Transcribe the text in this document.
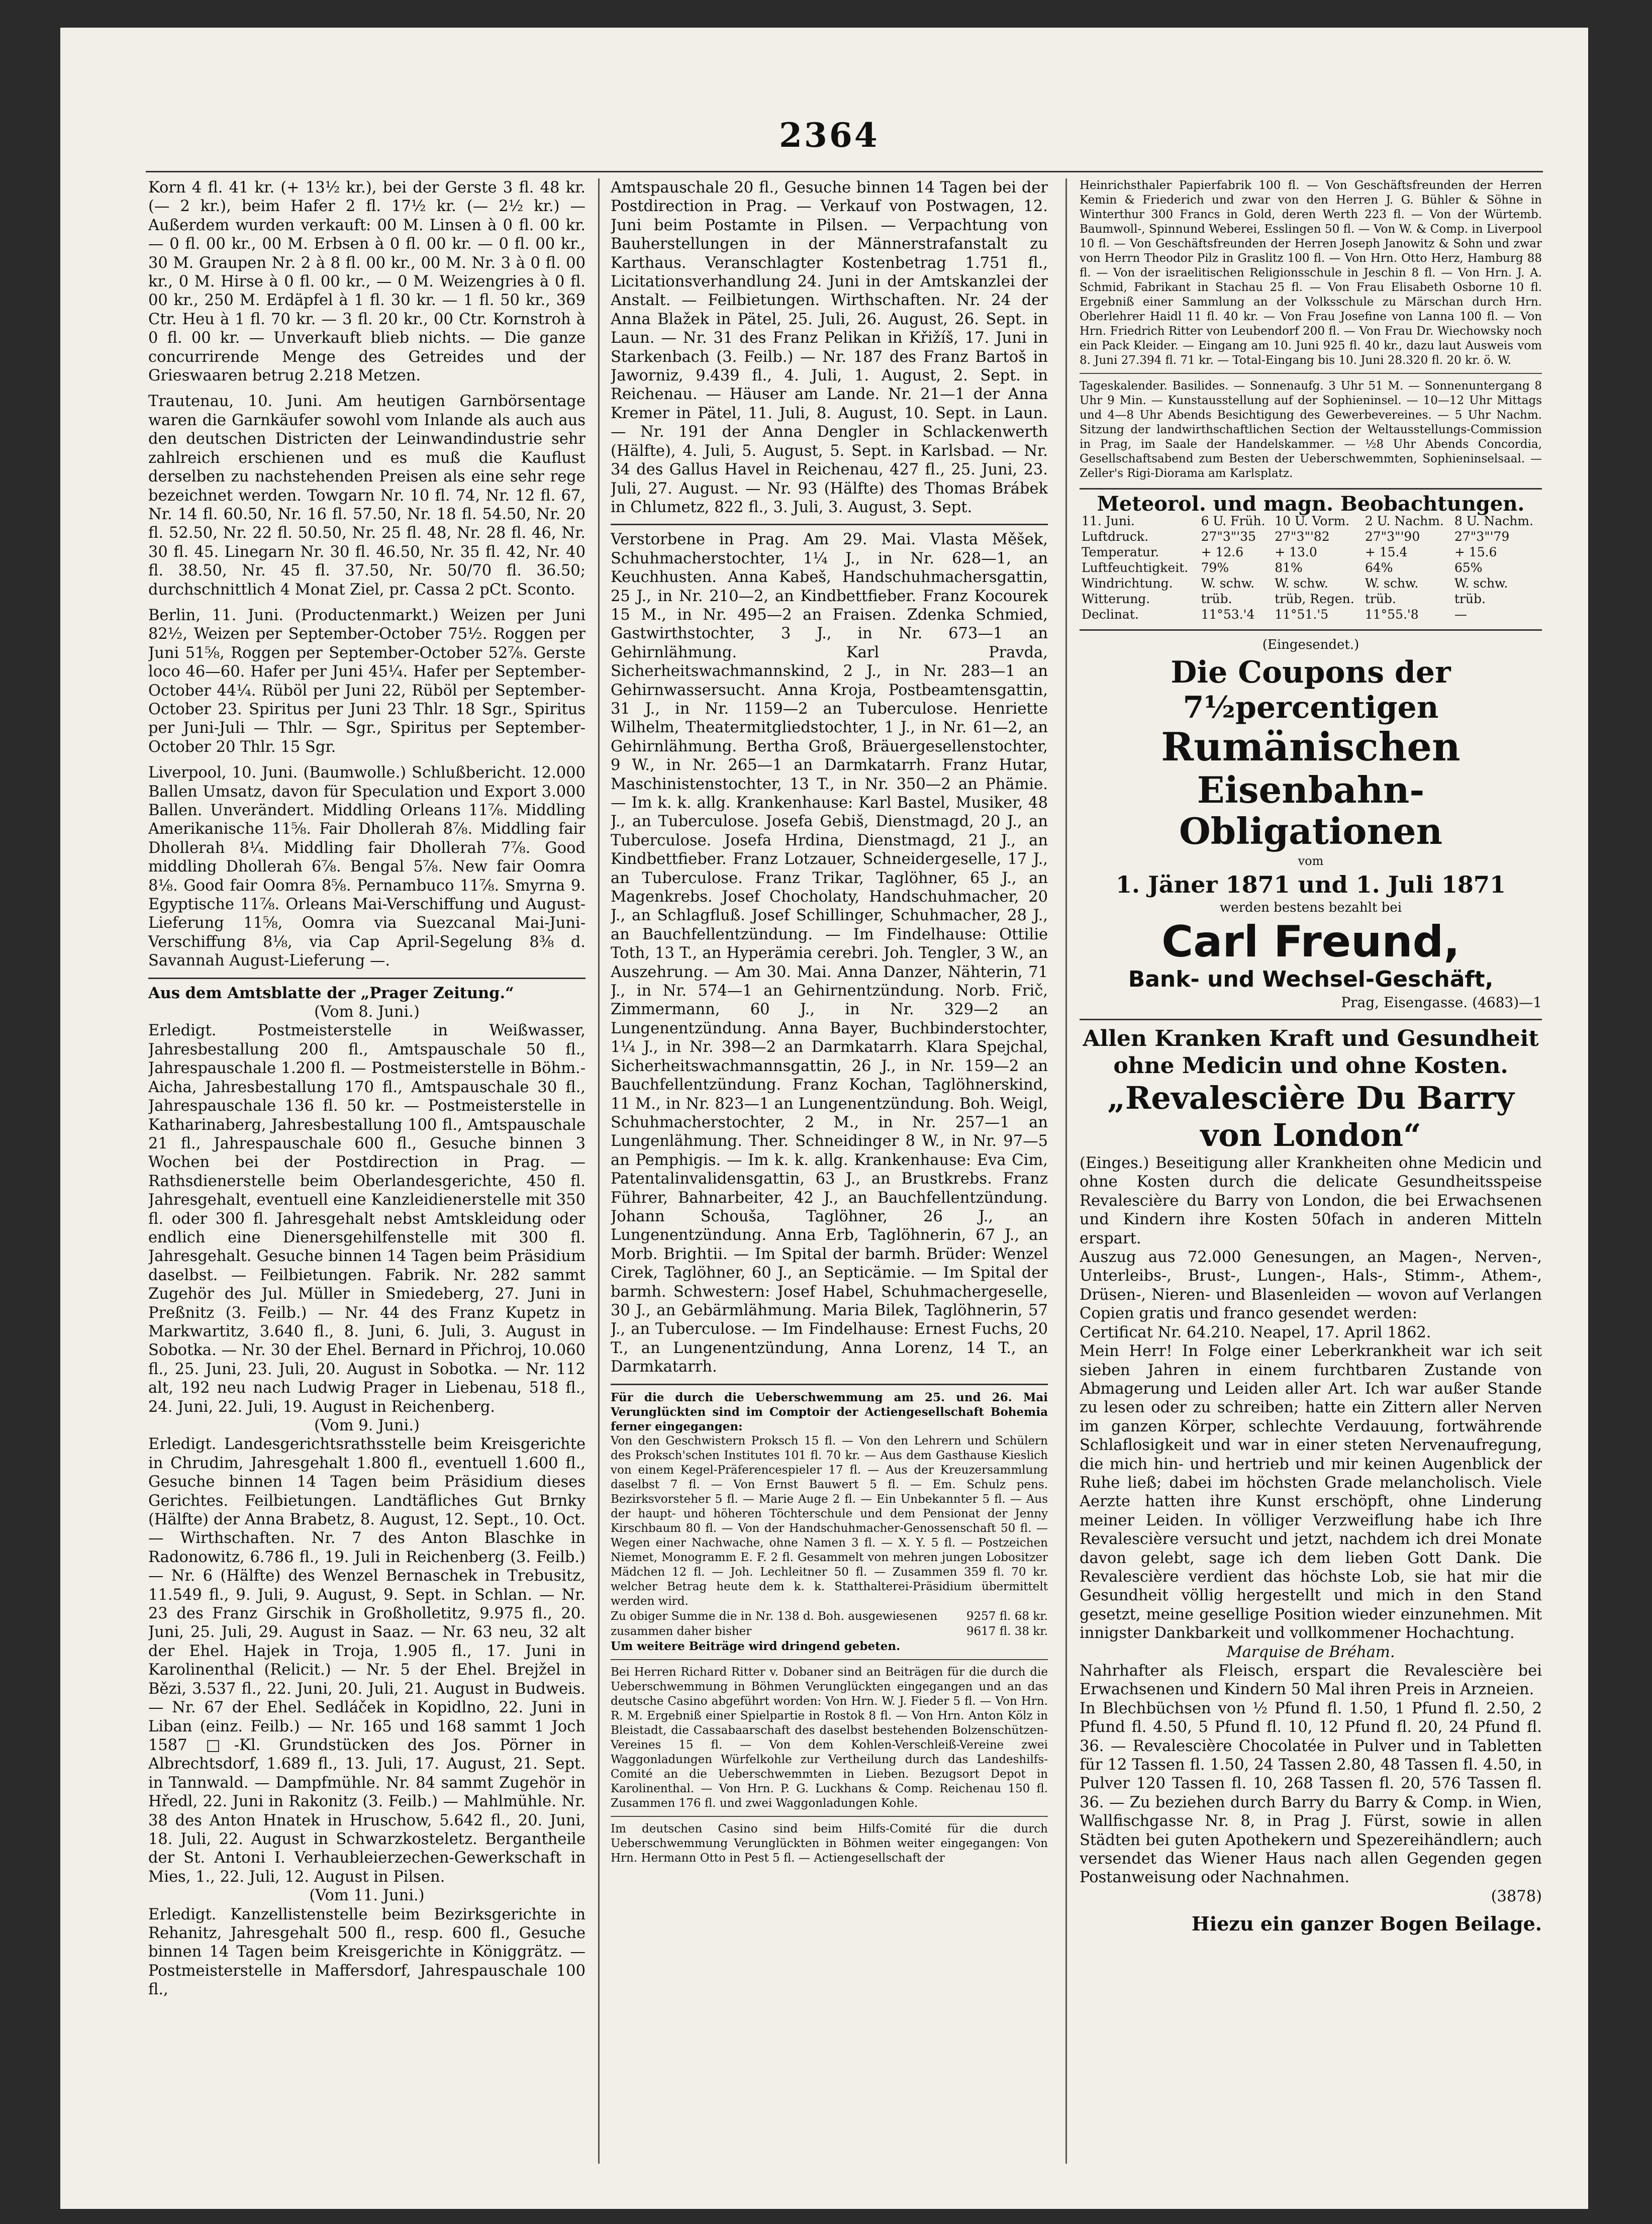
2364

Korn 4 fl. 41 kr. (+ 13½ kr.), bei der Gerste 3 fl. 48 kr. (— 2 kr.), beim Hafer 2 fl. 17½ kr. (— 2½ kr.) — Außerdem wurden verkauft: 00 M. Linsen à 0 fl. 00 kr. — 0 fl. 00 kr., 00 M. Erbsen à 0 fl. 00 kr. — 0 fl. 00 kr., 30 M. Graupen Nr. 2 à 8 fl. 00 kr., 00 M. Nr. 3 à 0 fl. 00 kr., 0 M. Hirse à 0 fl. 00 kr., — 0 M. Weizengries à 0 fl. 00 kr., 250 M. Erdäpfel à 1 fl. 30 kr. — 1 fl. 50 kr., 369 Ctr. Heu à 1 fl. 70 kr. — 3 fl. 20 kr., 00 Ctr. Kornstroh à 0 fl. 00 kr. — Unverkauft blieb nichts. — Die ganze concurrirende Menge des Getreides und der Grieswaaren betrug 2.218 Metzen.

Trautenau, 10. Juni. Am heutigen Garnbörsentage waren die Garnkäufer sowohl vom Inlande als auch aus den deutschen Districten der Leinwandindustrie sehr zahlreich erschienen und es muß die Kauflust derselben zu nachstehenden Preisen als eine sehr rege bezeichnet werden. Towgarn Nr. 10 fl. 74, Nr. 12 fl. 67, Nr. 14 fl. 60.50, Nr. 16 fl. 57.50, Nr. 18 fl. 54.50, Nr. 20 fl. 52.50, Nr. 22 fl. 50.50, Nr. 25 fl. 48, Nr. 28 fl. 46, Nr. 30 fl. 45. Linegarn Nr. 30 fl. 46.50, Nr. 35 fl. 42, Nr. 40 fl. 38.50, Nr. 45 fl. 37.50, Nr. 50/70 fl. 36.50; durchschnittlich 4 Monat Ziel, pr. Cassa 2 pCt. Sconto.

Berlin, 11. Juni. (Productenmarkt.) Weizen per Juni 82½, Weizen per September-October 75½. Roggen per Juni 51⅝, Roggen per September-October 52⅞. Gerste loco 46—60. Hafer per Juni 45¼. Hafer per September-October 44¼. Rüböl per Juni 22, Rüböl per September-October 23. Spiritus per Juni 23 Thlr. 18 Sgr., Spiritus per Juni-Juli — Thlr. — Sgr., Spiritus per September-October 20 Thlr. 15 Sgr.

Liverpool, 10. Juni. (Baumwolle.) Schlußbericht. 12.000 Ballen Umsatz, davon für Speculation und Export 3.000 Ballen. Unverändert. Middling Orleans 11⅞. Middling Amerikanische 11⅝. Fair Dhollerah 8⅞. Middling fair Dhollerah 8¼. Middling fair Dhollerah 7⅞. Good middling Dhollerah 6⅞. Bengal 5⅞. New fair Oomra 8⅛. Good fair Oomra 8⅝. Pernambuco 11⅞. Smyrna 9. Egyptische 11⅞. Orleans Mai-Verschiffung und August-Lieferung 11⅝, Oomra via Suezcanal Mai-Juni-Verschiffung 8⅛, via Cap April-Segelung 8⅜ d. Savannah August-Lieferung —.

Aus dem Amtsblatte der „Prager Zeitung.“

(Vom 8. Juni.)

Erledigt. Postmeisterstelle in Weißwasser, Jahresbestallung 200 fl., Amtspauschale 50 fl., Jahrespauschale 1.200 fl. — Postmeisterstelle in Böhm.-Aicha, Jahresbestallung 170 fl., Amtspauschale 30 fl., Jahrespauschale 136 fl. 50 kr. — Postmeisterstelle in Katharinaberg, Jahresbestallung 100 fl., Amtspauschale 21 fl., Jahrespauschale 600 fl., Gesuche binnen 3 Wochen bei der Postdirection in Prag. — Rathsdienerstelle beim Oberlandesgerichte, 450 fl. Jahresgehalt, eventuell eine Kanzleidienerstelle mit 350 fl. oder 300 fl. Jahresgehalt nebst Amtskleidung oder endlich eine Dienersgehilfenstelle mit 300 fl. Jahresgehalt. Gesuche binnen 14 Tagen beim Präsidium daselbst. — Feilbietungen. Fabrik. Nr. 282 sammt Zugehör des Jul. Müller in Smiedeberg, 27. Juni in Preßnitz (3. Feilb.) — Nr. 44 des Franz Kupetz in Markwartitz, 3.640 fl., 8. Juni, 6. Juli, 3. August in Sobotka. — Nr. 30 der Ehel. Bernard in Přichroj, 10.060 fl., 25. Juni, 23. Juli, 20. August in Sobotka. — Nr. 112 alt, 192 neu nach Ludwig Prager in Liebenau, 518 fl., 24. Juni, 22. Juli, 19. August in Reichenberg.

(Vom 9. Juni.)

Erledigt. Landesgerichtsrathsstelle beim Kreisgerichte in Chrudim, Jahresgehalt 1.800 fl., eventuell 1.600 fl., Gesuche binnen 14 Tagen beim Präsidium dieses Gerichtes. Feilbietungen. Landtäfliches Gut Brnky (Hälfte) der Anna Brabetz, 8. August, 12. Sept., 10. Oct. — Wirthschaften. Nr. 7 des Anton Blaschke in Radonowitz, 6.786 fl., 19. Juli in Reichenberg (3. Feilb.) — Nr. 6 (Hälfte) des Wenzel Bernaschek in Trebusitz, 11.549 fl., 9. Juli, 9. August, 9. Sept. in Schlan. — Nr. 23 des Franz Girschik in Großholletitz, 9.975 fl., 20. Juni, 25. Juli, 29. August in Saaz. — Nr. 63 neu, 32 alt der Ehel. Hajek in Troja, 1.905 fl., 17. Juni in Karolinenthal (Relicit.) — Nr. 5 der Ehel. Brejžel in Bězi, 3.537 fl., 22. Juni, 20. Juli, 21. August in Budweis. — Nr. 67 der Ehel. Sedláček in Kopidlno, 22. Juni in Liban (einz. Feilb.) — Nr. 165 und 168 sammt 1 Joch 1587 □-Kl. Grundstücken des Jos. Pörner in Albrechtsdorf, 1.689 fl., 13. Juli, 17. August, 21. Sept. in Tannwald. — Dampfmühle. Nr. 84 sammt Zugehör in Hředl, 22. Juni in Rakonitz (3. Feilb.) — Mahlmühle. Nr. 38 des Anton Hnatek in Hruschow, 5.642 fl., 20. Juni, 18. Juli, 22. August in Schwarzkosteletz. Bergantheile der St. Antoni I. Verhaubleierzechen-Gewerkschaft in Mies, 1., 22. Juli, 12. August in Pilsen.

(Vom 11. Juni.)

Erledigt. Kanzellistenstelle beim Bezirksgerichte in Rehanitz, Jahresgehalt 500 fl., resp. 600 fl., Gesuche binnen 14 Tagen beim Kreisgerichte in Königgrätz. — Postmeisterstelle in Maffersdorf, Jahrespauschale 100 fl.,

Amtspauschale 20 fl., Gesuche binnen 14 Tagen bei der Postdirection in Prag. — Verkauf von Postwagen, 12. Juni beim Postamte in Pilsen. — Verpachtung von Bauherstellungen in der Männerstrafanstalt zu Karthaus. Veranschlagter Kostenbetrag 1.751 fl., Licitationsverhandlung 24. Juni in der Amtskanzlei der Anstalt. — Feilbietungen. Wirthschaften. Nr. 24 der Anna Blažek in Pätel, 25. Juli, 26. August, 26. Sept. in Laun. — Nr. 31 des Franz Pelikan in Křižíš, 17. Juni in Starkenbach (3. Feilb.) — Nr. 187 des Franz Bartoš in Jaworniz, 9.439 fl., 4. Juli, 1. August, 2. Sept. in Reichenau. — Häuser am Lande. Nr. 21—1 der Anna Kremer in Pätel, 11. Juli, 8. August, 10. Sept. in Laun. — Nr. 191 der Anna Dengler in Schlackenwerth (Hälfte), 4. Juli, 5. August, 5. Sept. in Karlsbad. — Nr. 34 des Gallus Havel in Reichenau, 427 fl., 25. Juni, 23. Juli, 27. August. — Nr. 93 (Hälfte) des Thomas Brábek in Chlumetz, 822 fl., 3. Juli, 3. August, 3. Sept.

Verstorbene in Prag. Am 29. Mai. Vlasta Měšek, Schuhmacherstochter, 1¼ J., in Nr. 628—1, an Keuchhusten. Anna Kabeš, Handschuhmachersgattin, 25 J., in Nr. 210—2, an Kindbettfieber. Franz Kocourek 15 M., in Nr. 495—2 an Fraisen. Zdenka Schmied, Gastwirthstochter, 3 J., in Nr. 673—1 an Gehirnlähmung. Karl Pravda, Sicherheitswachmannskind, 2 J., in Nr. 283—1 an Gehirnwassersucht. Anna Kroja, Postbeamtensgattin, 31 J., in Nr. 1159—2 an Tuberculose. Henriette Wilhelm, Theatermitgliedstochter, 1 J., in Nr. 61—2, an Gehirnlähmung. Bertha Groß, Bräuergesellenstochter, 9 W., in Nr. 265—1 an Darmkatarrh. Franz Hutar, Maschinistenstochter, 13 T., in Nr. 350—2 an Phämie. — Im k. k. allg. Krankenhause: Karl Bastel, Musiker, 48 J., an Tuberculose. Josefa Gebiš, Dienstmagd, 20 J., an Tuberculose. Josefa Hrdina, Dienstmagd, 21 J., an Kindbettfieber. Franz Lotzauer, Schneidergeselle, 17 J., an Tuberculose. Franz Trikar, Taglöhner, 65 J., an Magenkrebs. Josef Chocholaty, Handschuhmacher, 20 J., an Schlagfluß. Josef Schillinger, Schuhmacher, 28 J., an Bauchfellentzündung. — Im Findelhause: Ottilie Toth, 13 T., an Hyperämia cerebri. Joh. Tengler, 3 W., an Auszehrung. — Am 30. Mai. Anna Danzer, Nähterin, 71 J., in Nr. 574—1 an Gehirnentzündung. Norb. Frič, Zimmermann, 60 J., in Nr. 329—2 an Lungenentzündung. Anna Bayer, Buchbinderstochter, 1¼ J., in Nr. 398—2 an Darmkatarrh. Klara Spejchal, Sicherheitswachmannsgattin, 26 J., in Nr. 159—2 an Bauchfellentzündung. Franz Kochan, Taglöhnerskind, 11 M., in Nr. 823—1 an Lungenentzündung. Boh. Weigl, Schuhmacherstochter, 2 M., in Nr. 257—1 an Lungenlähmung. Ther. Schneidinger 8 W., in Nr. 97—5 an Pemphigis. — Im k. k. allg. Krankenhause: Eva Cim, Patentalinvalidensgattin, 63 J., an Brustkrebs. Franz Führer, Bahnarbeiter, 42 J., an Bauchfellentzündung. Johann Schouša, Taglöhner, 26 J., an Lungenentzündung. Anna Erb, Taglöhnerin, 67 J., an Morb. Brightii. — Im Spital der barmh. Brüder: Wenzel Cirek, Taglöhner, 60 J., an Septicämie. — Im Spital der barmh. Schwestern: Josef Habel, Schuhmachergeselle, 30 J., an Gebärmlähmung. Maria Bilek, Taglöhnerin, 57 J., an Tuberculose. — Im Findelhause: Ernest Fuchs, 20 T., an Lungenentzündung, Anna Lorenz, 14 T., an Darmkatarrh.

Für die durch die Ueberschwemmung am 25. und 26. Mai Verunglückten sind im Comptoir der Actiengesellschaft Bohemia ferner eingegangen:

Von den Geschwistern Proksch 15 fl. — Von den Lehrern und Schülern des Proksch'schen Institutes 101 fl. 70 kr. — Aus dem Gasthause Kieslich von einem Kegel-Präferencespieler 17 fl. — Aus der Kreuzersammlung daselbst 7 fl. — Von Ernst Bauwert 5 fl. — Em. Schulz pens. Bezirksvorsteher 5 fl. — Marie Auge 2 fl. — Ein Unbekannter 5 fl. — Aus der haupt- und höheren Töchterschule und dem Pensionat der Jenny Kirschbaum 80 fl. — Von der Handschuhmacher-Genossenschaft 50 fl. — Wegen einer Nachwache, ohne Namen 3 fl. — X. Y. 5 fl. — Postzeichen Niemet, Monogramm E. F. 2 fl. Gesammelt von mehren jungen Lobositzer Mädchen 12 fl. — Joh. Lechleitner 50 fl. — Zusammen 359 fl. 70 kr. welcher Betrag heute dem k. k. Statthalterei-Präsidium übermittelt werden wird.

Zu obiger Summe die in Nr. 138 d. Boh. ausgewiesenen	9257 fl. 68 kr.
zusammen daher bisher	9617 fl. 38 kr.

Um weitere Beiträge wird dringend gebeten.

Bei Herren Richard Ritter v. Dobaner sind an Beiträgen für die durch die Ueberschwemmung in Böhmen Verunglückten eingegangen und an das deutsche Casino abgeführt worden: Von Hrn. W. J. Fieder 5 fl. — Von Hrn. R. M. Ergebniß einer Spielpartie in Rostok 8 fl. — Von Hrn. Anton Kölz in Bleistadt, die Cassabaarschaft des daselbst bestehenden Bolzenschützen-Vereines 15 fl. — Von dem Kohlen-Verschleiß-Vereine zwei Waggonladungen Würfelkohle zur Vertheilung durch das Landeshilfs-Comité an die Ueberschwemmten in Lieben. Bezugsort Depot in Karolinenthal. — Von Hrn. P. G. Luckhans & Comp. Reichenau 150 fl. Zusammen 176 fl. und zwei Waggonladungen Kohle.

Im deutschen Casino sind beim Hilfs-Comité für die durch Ueberschwemmung Verunglückten in Böhmen weiter eingegangen: Von Hrn. Hermann Otto in Pest 5 fl. — Actiengesellschaft der

Heinrichsthaler Papierfabrik 100 fl. — Von Geschäftsfreunden der Herren Kemin & Friederich und zwar von den Herren J. G. Bühler & Söhne in Winterthur 300 Francs in Gold, deren Werth 223 fl. — Von der Würtemb. Baumwoll-, Spinnund Weberei, Esslingen 50 fl. — Von W. & Comp. in Liverpool 10 fl. — Von Geschäftsfreunden der Herren Joseph Janowitz & Sohn und zwar von Herrn Theodor Pilz in Graslitz 100 fl. — Von Hrn. Otto Herz, Hamburg 88 fl. — Von der israelitischen Religionsschule in Jeschin 8 fl. — Von Hrn. J. A. Schmid, Fabrikant in Stachau 25 fl. — Von Frau Elisabeth Osborne 10 fl. Ergebniß einer Sammlung an der Volksschule zu Märschan durch Hrn. Oberlehrer Haidl 11 fl. 40 kr. — Von Frau Josefine von Lanna 100 fl. — Von Hrn. Friedrich Ritter von Leubendorf 200 fl. — Von Frau Dr. Wiechowsky noch ein Pack Kleider. — Eingang am 10. Juni 925 fl. 40 kr., dazu laut Ausweis vom 8. Juni 27.394 fl. 71 kr. — Total-Eingang bis 10. Juni 28.320 fl. 20 kr. ö. W.

Tageskalender. Basilides. — Sonnenaufg. 3 Uhr 51 M. — Sonnenuntergang 8 Uhr 9 Min. — Kunstausstellung auf der Sophieninsel. — 10—12 Uhr Mittags und 4—8 Uhr Abends Besichtigung des Gewerbevereines. — 5 Uhr Nachm. Sitzung der landwirthschaftlichen Section der Weltausstellungs-Commission in Prag, im Saale der Handelskammer. — ½8 Uhr Abends Concordia, Gesellschaftsabend zum Besten der Ueberschwemmten, Sophieninselsaal. — Zeller's Rigi-Diorama am Karlsplatz.

Meteorol. und magn. Beobachtungen.

11. Juni.	6 U. Früh.	10 U. Vorm.	2 U. Nachm.	8 U. Nachm.
Luftdruck.	27"3"'35	27"3"'82	27"3"'90	27"3"'79
Temperatur.	+ 12.6	+ 13.0	+ 15.4	+ 15.6
Luftfeuchtigkeit.	79%	81%	64%	65%
Windrichtung.	W. schw.	W. schw.	W. schw.	W. schw.
Witterung.	trüb.	trüb, Regen.	trüb.	trüb.
Declinat.	11°53.'4	11°51.'5	11°55.'8	—

(Eingesendet.)

Die Coupons der 7½percentigen

Rumänischen

Eisenbahn-Obligationen

vom

1. Jäner 1871 und 1. Juli 1871

werden bestens bezahlt bei

Carl Freund,

Bank- und Wechsel-Geschäft,

Prag, Eisengasse. (4683)—1

Allen Kranken Kraft und Gesundheit ohne Medicin und ohne Kosten.

„Revalescière Du Barry von London“

(Einges.) Beseitigung aller Krankheiten ohne Medicin und ohne Kosten durch die delicate Gesundheitsspeise Revalescière du Barry von London, die bei Erwachsenen und Kindern ihre Kosten 50fach in anderen Mitteln erspart.

Auszug aus 72.000 Genesungen, an Magen-, Nerven-, Unterleibs-, Brust-, Lungen-, Hals-, Stimm-, Athem-, Drüsen-, Nieren- und Blasenleiden — wovon auf Verlangen Copien gratis und franco gesendet werden:

Certificat Nr. 64.210. Neapel, 17. April 1862.

Mein Herr! In Folge einer Leberkrankheit war ich seit sieben Jahren in einem furchtbaren Zustande von Abmagerung und Leiden aller Art. Ich war außer Stande zu lesen oder zu schreiben; hatte ein Zittern aller Nerven im ganzen Körper, schlechte Verdauung, fortwährende Schlaflosigkeit und war in einer steten Nervenaufregung, die mich hin- und hertrieb und mir keinen Augenblick der Ruhe ließ; dabei im höchsten Grade melancholisch. Viele Aerzte hatten ihre Kunst erschöpft, ohne Linderung meiner Leiden. In völliger Verzweiflung habe ich Ihre Revalescière versucht und jetzt, nachdem ich drei Monate davon gelebt, sage ich dem lieben Gott Dank. Die Revalescière verdient das höchste Lob, sie hat mir die Gesundheit völlig hergestellt und mich in den Stand gesetzt, meine gesellige Position wieder einzunehmen. Mit innigster Dankbarkeit und vollkommener Hochachtung.

Marquise de Bréham.

Nahrhafter als Fleisch, erspart die Revalescière bei Erwachsenen und Kindern 50 Mal ihren Preis in Arzneien.

In Blechbüchsen von ½ Pfund fl. 1.50, 1 Pfund fl. 2.50, 2 Pfund fl. 4.50, 5 Pfund fl. 10, 12 Pfund fl. 20, 24 Pfund fl. 36. — Revalescière Chocolatée in Pulver und in Tabletten für 12 Tassen fl. 1.50, 24 Tassen 2.80, 48 Tassen fl. 4.50, in Pulver 120 Tassen fl. 10, 268 Tassen fl. 20, 576 Tassen fl. 36. — Zu beziehen durch Barry du Barry & Comp. in Wien, Wallfischgasse Nr. 8, in Prag J. Fürst, sowie in allen Städten bei guten Apothekern und Spezereihändlern; auch versendet das Wiener Haus nach allen Gegenden gegen Postanweisung oder Nachnahmen.

(3878)

Hiezu ein ganzer Bogen Beilage.
